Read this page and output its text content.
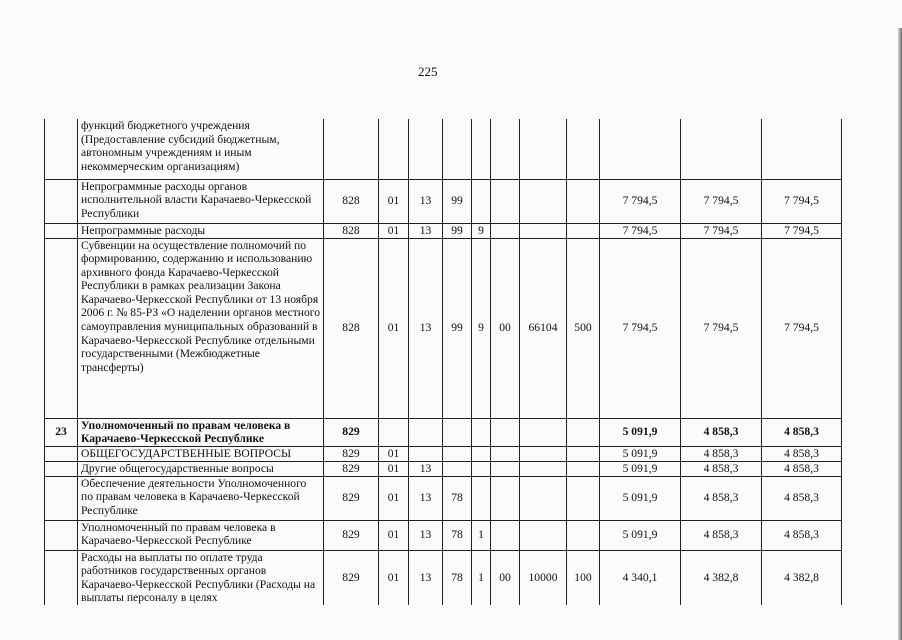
225
	функций бюджетного учреждения (Предоставление субсидий бюджетным, автономным учреждениям и иным некоммерческим организациям)											
	Непрограммные расходы органов исполнительной власти Карачаево-Черкесской Республики	828	01	13	99					7 794,5	7 794,5	7 794,5
	Непрограммные расходы	828	01	13	99	9				7 794,5	7 794,5	7 794,5
	Субвенции на осуществление полномочий по формированию, содержанию и использованию архивного фонда Карачаево-Черкесской Республики в рамках реализации Закона Карачаево-Черкесской Республики от 13 ноября 2006 г. № 85-РЗ «О наделении органов местного самоуправления муниципальных образований в Карачаево-Черкесской Республике отдельными государственными (Межбюджетные трансферты)	828	01	13	99	9	00	66104	500	7 794,5	7 794,5	7 794,5
23	Уполномоченный по правам человека в Карачаево-Черкесской Республике	829								5 091,9	4 858,3	4 858,3
	ОБЩЕГОСУДАРСТВЕННЫЕ ВОПРОСЫ	829	01							5 091,9	4 858,3	4 858,3
	Другие общегосударственные вопросы	829	01	13						5 091,9	4 858,3	4 858,3
	Обеспечение деятельности Уполномоченного по правам человека в Карачаево-Черкесской Республике	829	01	13	78					5 091,9	4 858,3	4 858,3
	Уполномоченный по правам человека в Карачаево-Черкесской Республике	829	01	13	78	1				5 091,9	4 858,3	4 858,3
	Расходы на выплаты по оплате труда работников государственных органов Карачаево-Черкесской Республики (Расходы на выплаты персоналу в целях	829	01	13	78	1	00	10000	100	4 340,1	4 382,8	4 382,8
